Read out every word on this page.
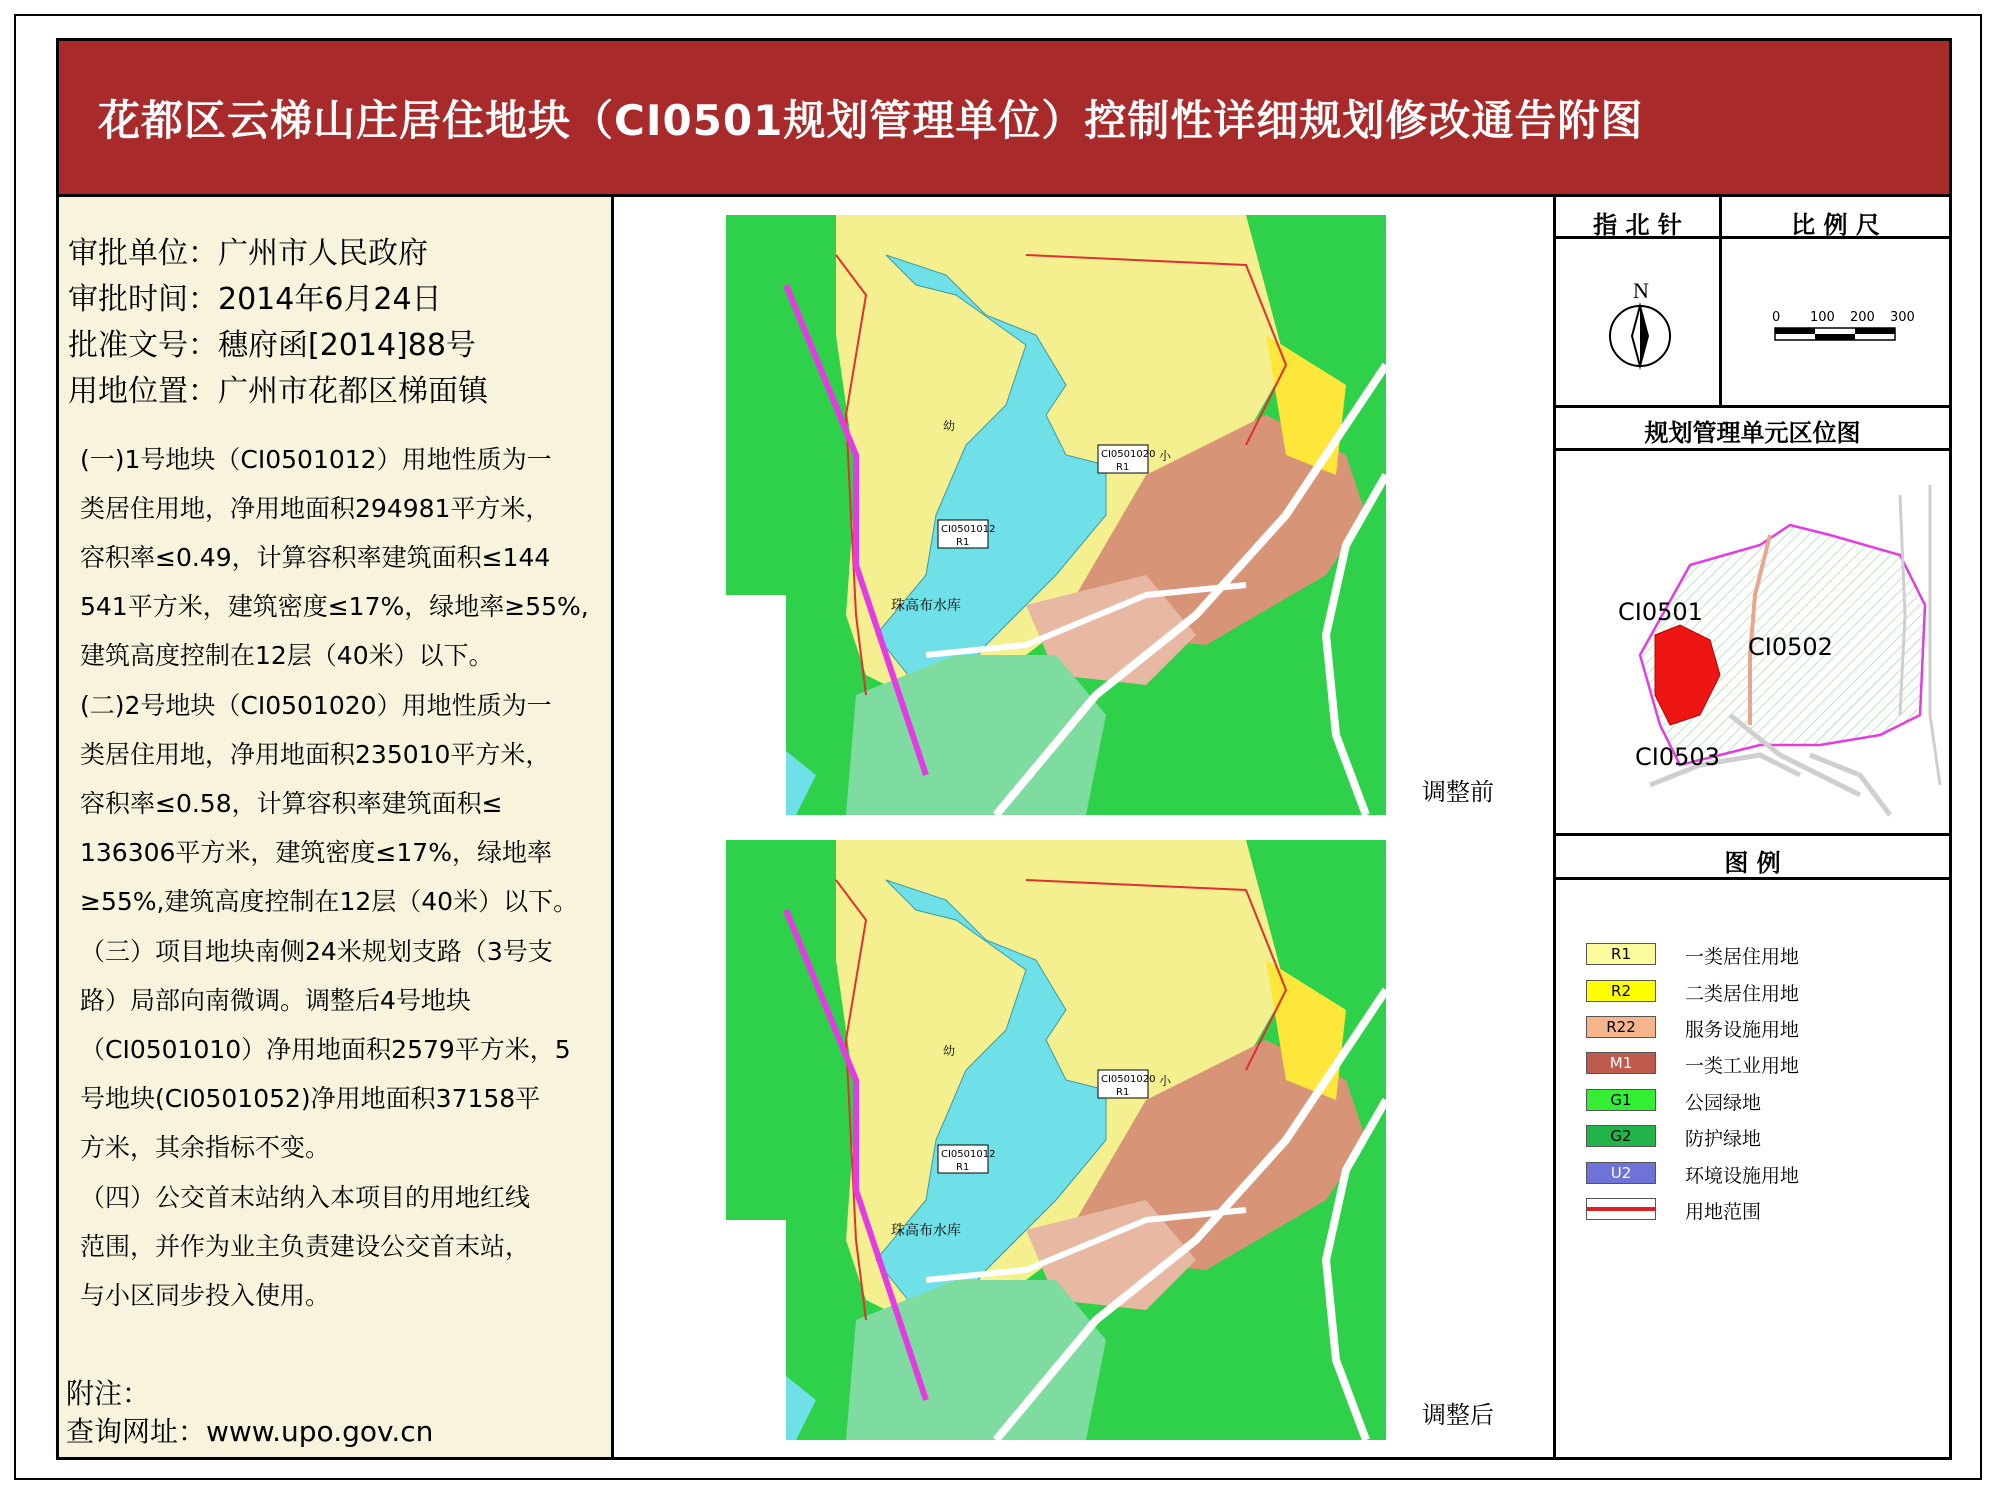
花都区云梯山庄居住地块（CI0501规划管理单位）控制性详细规划修改通告附图
审批单位：广州市人民政府
审批时间：2014年6月24日
批准文号：穗府函[2014]88号
用地位置：广州市花都区梯面镇
(一)1号地块（CI0501012）用地性质为一
类居住用地，净用地面积294981平方米，
容积率≤0.49，计算容积率建筑面积≤144
541平方米，建筑密度≤17%，绿地率≥55%,
建筑高度控制在12层（40米）以下。
(二)2号地块（CI0501020）用地性质为一
类居住用地，净用地面积235010平方米，
容积率≤0.58，计算容积率建筑面积≤
136306平方米，建筑密度≤17%，绿地率
≥55%,建筑高度控制在12层（40米）以下。
（三）项目地块南侧24米规划支路（3号支
路）局部向南微调。调整后4号地块
（CI0501010）净用地面积2579平方米，5
号地块(CI0501052)净用地面积37158平
方米，其余指标不变。
（四）公交首末站纳入本项目的用地红线
范围，并作为业主负责建设公交首末站，
与小区同步投入使用。
附注：
查询网址：www.upo.gov.cn
珠高布水库
CI0501012
R1
CI0501020
R1
幼
小
珠高布水库
CI0501012
R1
CI0501020
R1
幼
小
调整前
调整后
指 北 针	比 例 尺
规划管理单元区位图
图 例
N
0 100 200 300
CI0501
CI0502
CI0503
R1	一类居住用地
R2	二类居住用地
R22	服务设施用地
M1	一类工业用地
G1	公园绿地
G2	防护绿地
U2	环境设施用地
用地范围
